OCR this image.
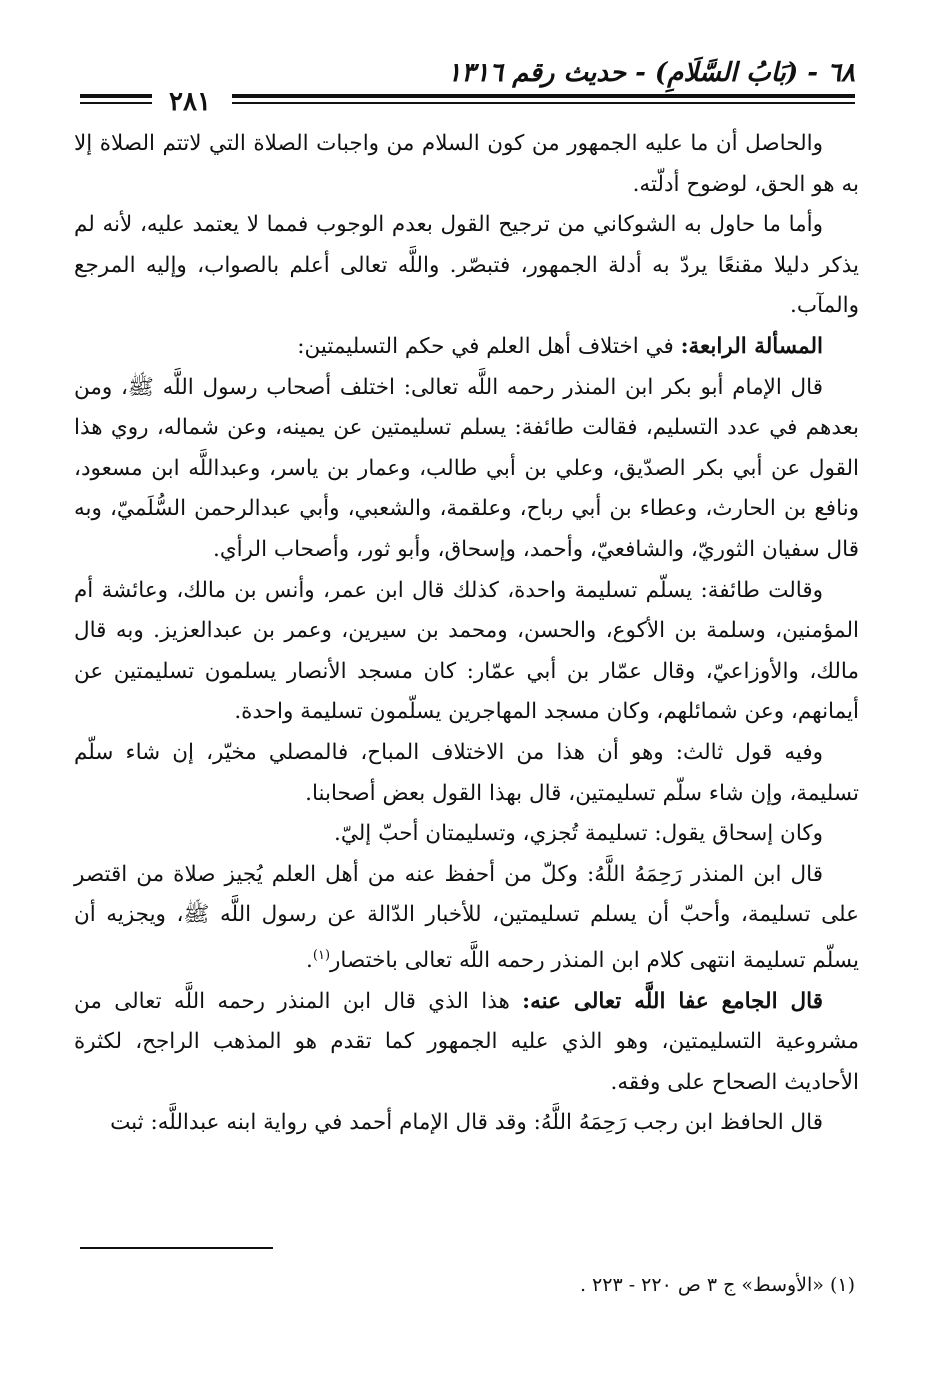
٦٨ - (بَابُ السَّلَامِ) - حديث رقم ١٣١٦
٢٨١

والحاصل أن ما عليه الجمهور من كون السلام من واجبات الصلاة التي لاتتم الصلاة إلا به هو الحق، لوضوح أدلّته.

وأما ما حاول به الشوكاني من ترجيح القول بعدم الوجوب فمما لا يعتمد عليه، لأنه لم يذكر دليلا مقنعًا يردّ به أدلة الجمهور، فتبصّر. واللَّه تعالى أعلم بالصواب، وإليه المرجع والمآب.

المسألة الرابعة: في اختلاف أهل العلم في حكم التسليمتين:

قال الإمام أبو بكر ابن المنذر رحمه اللَّه تعالى: اختلف أصحاب رسول اللَّه ﷺ، ومن بعدهم في عدد التسليم، فقالت طائفة: يسلم تسليمتين عن يمينه، وعن شماله، روي هذا القول عن أبي بكر الصدّيق، وعلي بن أبي طالب، وعمار بن ياسر، وعبداللَّه ابن مسعود، ونافع بن الحارث، وعطاء بن أبي رباح، وعلقمة، والشعبي، وأبي عبدالرحمن السُّلَميّ، وبه قال سفيان الثوريّ، والشافعيّ، وأحمد، وإسحاق، وأبو ثور، وأصحاب الرأي.

وقالت طائفة: يسلّم تسليمة واحدة، كذلك قال ابن عمر، وأنس بن مالك، وعائشة أم المؤمنين، وسلمة بن الأكوع، والحسن، ومحمد بن سيرين، وعمر بن عبدالعزيز. وبه قال مالك، والأوزاعيّ، وقال عمّار بن أبي عمّار: كان مسجد الأنصار يسلمون تسليمتين عن أيمانهم، وعن شمائلهم، وكان مسجد المهاجرين يسلّمون تسليمة واحدة.

وفيه قول ثالث: وهو أن هذا من الاختلاف المباح، فالمصلي مخيّر، إن شاء سلّم تسليمة، وإن شاء سلّم تسليمتين، قال بهذا القول بعض أصحابنا.

وكان إسحاق يقول: تسليمة تُجزي، وتسليمتان أحبّ إليّ.

قال ابن المنذر رَحِمَهُ اللَّهُ: وكلّ من أحفظ عنه من أهل العلم يُجيز صلاة من اقتصر على تسليمة، وأحبّ أن يسلم تسليمتين، للأخبار الدّالة عن رسول اللَّه ﷺ، ويجزيه أن يسلّم تسليمة انتهى كلام ابن المنذر رحمه اللَّه تعالى باختصار$^{(١)}$.

قال الجامع عفا اللَّه تعالى عنه: هذا الذي قال ابن المنذر رحمه اللَّه تعالى من مشروعية التسليمتين، وهو الذي عليه الجمهور كما تقدم هو المذهب الراجح، لكثرة الأحاديث الصحاح على وفقه.

قال الحافظ ابن رجب رَحِمَهُ اللَّهُ: وقد قال الإمام أحمد في رواية ابنه عبداللَّه: ثبت

(١) «الأوسط» ج ٣ ص ٢٢٠ - ٢٢٣ .
